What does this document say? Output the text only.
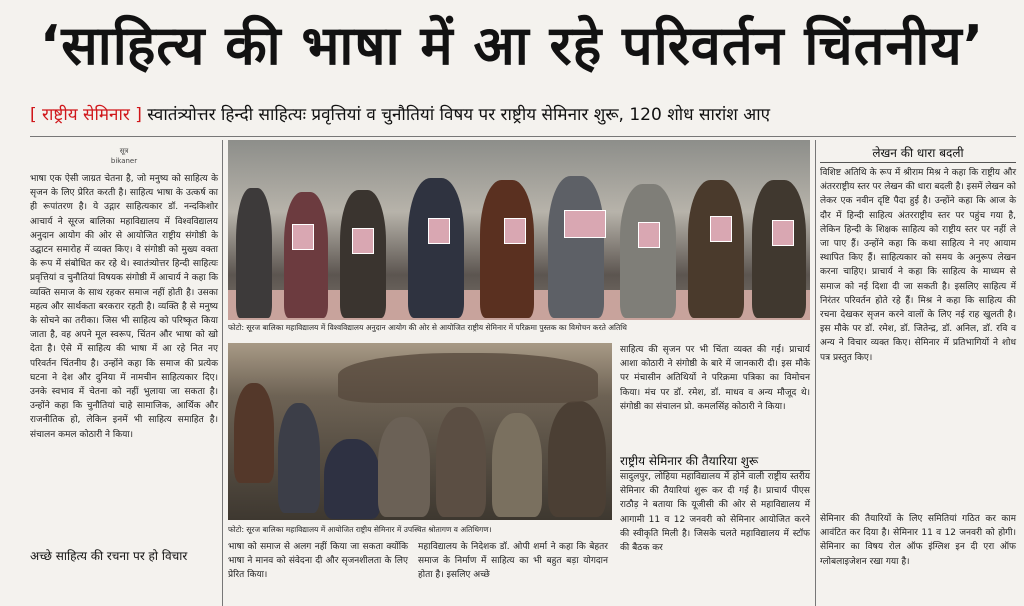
‘साहित्य की भाषा में आ रहे परिवर्तन चिंतनीय’
[ राष्ट्रीय सेमिनार ] स्वातंत्र्योत्तर हिन्दी साहित्यः प्रवृत्तियां व चुनौतियां विषय पर राष्ट्रीय सेमिनार शुरू, 120 शोध सारांश आए
सूत्र
bikaner
भाषा एक ऐसी जाग्रत चेतना है, जो मनुष्य को साहित्य के सृजन के लिए प्रेरित करती है। साहित्य भाषा के उत्कर्ष का ही रूपांतरण है। ये उद्गार साहित्यकार डॉ. नन्दकिशोर आचार्य ने सूरज बालिका महाविद्यालय में विश्वविद्यालय अनुदान आयोग की ओर से आयोजित राष्ट्रीय संगोष्ठी के उद्घाटन समारोह में व्यक्त किए। वे संगोष्ठी को मुख्य वक्ता के रूप में संबोधित कर रहे थे। स्वातंत्र्योत्तर हिन्दी साहित्यः प्रवृत्तियां व चुनौतियां विषयक संगोष्ठी में आचार्य ने कहा कि व्यक्ति समाज के साथ रहकर समाज नहीं होती है। उसका महत्व और सार्थकता बरकरार रहती है। व्यक्ति है से मनुष्य के सोचने का तरीका। जिस भी साहित्य को परिष्कृत किया जाता है, वह अपने मूल स्वरूप, चिंतन और भाषा को खो देता है। ऐसे में साहित्य की भाषा में आ रहे नित नए परिवर्तन चिंतनीय है। उन्होंने कहा कि समाज की प्रत्येक घटना ने देश और दुनिया में नामचीन साहित्यकार दिए। उनके स्वभाव में चेतना को नहीं भुलाया जा सकता है। उन्होंने कहा कि चुनौतियां चाहे सामाजिक, आर्थिक और राजनीतिक हो, लेकिन इनमें भी साहित्य समाहित है। संचालन कमल कोठारी ने किया।
अच्छे साहित्य की रचना पर हो विचार
फोटो: सूरज बालिका महाविद्यालय में विश्वविद्यालय अनुदान आयोग की ओर से आयोजित राष्ट्रीय सेमिनार में परिक्रमा पुस्तक का विमोचन करते अतिथि
फोटो: सूरज बालिका महाविद्यालय में आयोजित राष्ट्रीय सेमिनार में उपस्थित श्रोतागण व अतिथिगण।
लेखन की धारा बदली
विशिष्ट अतिथि के रूप में श्रीराम मिश्र ने कहा कि राष्ट्रीय और अंतरराष्ट्रीय स्तर पर लेखन की धारा बदली है। इसमें लेखन को लेकर एक नवीन दृष्टि पैदा हुई है। उन्होंने कहा कि आज के दौर में हिन्दी साहित्य अंतरराष्ट्रीय स्तर पर पहुंच गया है, लेकिन हिन्दी के शिक्षक साहित्य को राष्ट्रीय स्तर पर नहीं ले जा पाए हैं। उन्होंने कहा कि कथा साहित्य ने नए आयाम स्थापित किए हैं। साहित्यकार को समय के अनुरूप लेखन करना चाहिए। प्राचार्य ने कहा कि साहित्य के माध्यम से समाज को नई दिशा दी जा सकती है। इसलिए साहित्य में निरंतर परिवर्तन होते रहे हैं। मिश्र ने कहा कि साहित्य की रचना देखकर सृजन करने वालों के लिए नई राह खुलती है। इस मौके पर डॉ. रमेश, डॉ. जितेन्द्र, डॉ. अनिल, डॉ. रवि व अन्य ने विचार व्यक्त किए। सेमिनार में प्रतिभागियों ने शोध पत्र प्रस्तुत किए।
साहित्य की सृजन पर भी चिंता व्यक्त की गई। प्राचार्य आशा कोठारी ने संगोष्ठी के बारे में जानकारी दी। इस मौके पर मंचासीन अतिथियों ने परिक्रमा पत्रिका का विमोचन किया। मंच पर डॉ. रमेश, डॉ. माधव व अन्य मौजूद थे। संगोष्ठी का संचालन प्रो. कमलसिंह कोठारी ने किया।
राष्ट्रीय सेमिनार की तैयारिया शुरू
सादुलपुर, लोहिया महाविद्यालय में होने वाली राष्ट्रीय स्तरीय सेमिनार की तैयारियां शुरू कर दी गई है। प्राचार्य पीएस राठौड़ ने बताया कि यूजीसी की ओर से महाविद्यालय में आगामी 11 व 12 जनवरी को सेमिनार आयोजित करने की स्वीकृति मिली है। जिसके चलते महाविद्यालय में स्टॉफ की बैठक कर
भाषा को समाज से अलग नहीं किया जा सकता क्योंकि भाषा ने मानव को संवेदना दी और सृजनशीलता के लिए प्रेरित किया।
महाविद्यालय के निदेशक डॉ. ओपी शर्मा ने कहा कि बेहतर समाज के निर्माण में साहित्य का भी बहुत बड़ा योगदान होता है। इसलिए अच्छे
सेमिनार की तैयारियों के लिए समितियां गठित कर काम आवंटित कर दिया है। सेमिनार 11 व 12 जनवरी को होगी। सेमिनार का विषय रोल ऑफ इंग्लिश इन दी एरा ऑफ ग्लोबलाइजेशन रखा गया है।
